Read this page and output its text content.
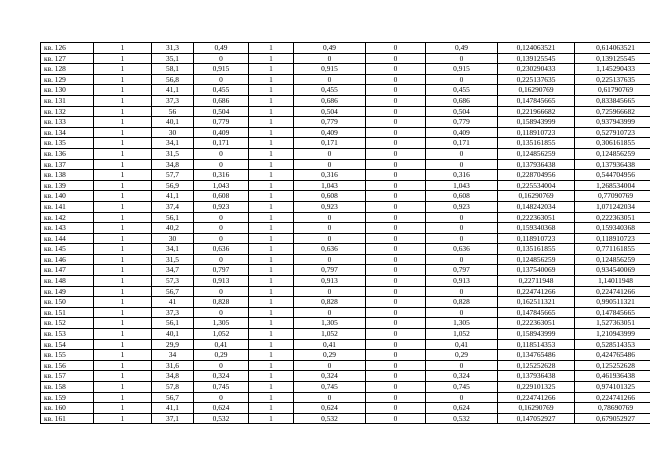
кв. 126	1	31,3	0,49	1	0,49	0	0,49	0,124063521	0,614063521
кв. 127	1	35,1	0	1	0	0	0	0,139125545	0,139125545
кв. 128	1	58,1	0,915	1	0,915	0	0,915	0,230290433	1,145290433
кв. 129	1	56,8	0	1	0	0	0	0,225137635	0,225137635
кв. 130	1	41,1	0,455	1	0,455	0	0,455	0,16290769	0,61790769
кв. 131	1	37,3	0,686	1	0,686	0	0,686	0,147845665	0,833845665
кв. 132	1	56	0,504	1	0,504	0	0,504	0,221966682	0,725966682
кв. 133	1	40,1	0,779	1	0,779	0	0,779	0,158943999	0,937943999
кв. 134	1	30	0,409	1	0,409	0	0,409	0,118910723	0,527910723
кв. 135	1	34,1	0,171	1	0,171	0	0,171	0,135161855	0,306161855
кв. 136	1	31,5	0	1	0	0	0	0,124856259	0,124856259
кв. 137	1	34,8	0	1	0	0	0	0,137936438	0,137936438
кв. 138	1	57,7	0,316	1	0,316	0	0,316	0,228704956	0,544704956
кв. 139	1	56,9	1,043	1	1,043	0	1,043	0,225534004	1,268534004
кв. 140	1	41,1	0,608	1	0,608	0	0,608	0,16290769	0,77090769
кв. 141	1	37,4	0,923	1	0,923	0	0,923	0,148242034	1,071242034
кв. 142	1	56,1	0	1	0	0	0	0,222363051	0,222363051
кв. 143	1	40,2	0	1	0	0	0	0,159340368	0,159340368
кв. 144	1	30	0	1	0	0	0	0,118910723	0,118910723
кв. 145	1	34,1	0,636	1	0,636	0	0,636	0,135161855	0,771161855
кв. 146	1	31,5	0	1	0	0	0	0,124856259	0,124856259
кв. 147	1	34,7	0,797	1	0,797	0	0,797	0,137540069	0,934540069
кв. 148	1	57,3	0,913	1	0,913	0	0,913	0,22711948	1,14011948
кв. 149	1	56,7	0	1	0	0	0	0,224741266	0,224741266
кв. 150	1	41	0,828	1	0,828	0	0,828	0,162511321	0,990511321
кв. 151	1	37,3	0	1	0	0	0	0,147845665	0,147845665
кв. 152	1	56,1	1,305	1	1,305	0	1,305	0,222363051	1,527363051
кв. 153	1	40,1	1,052	1	1,052	0	1,052	0,158943999	1,210943999
кв. 154	1	29,9	0,41	1	0,41	0	0,41	0,118514353	0,528514353
кв. 155	1	34	0,29	1	0,29	0	0,29	0,134765486	0,424765486
кв. 156	1	31,6	0	1	0	0	0	0,125252628	0,125252628
кв. 157	1	34,8	0,324	1	0,324	0	0,324	0,137936438	0,461936438
кв. 158	1	57,8	0,745	1	0,745	0	0,745	0,229101325	0,974101325
кв. 159	1	56,7	0	1	0	0	0	0,224741266	0,224741266
кв. 160	1	41,1	0,624	1	0,624	0	0,624	0,16290769	0,78690769
кв. 161	1	37,1	0,532	1	0,532	0	0,532	0,147052927	0,679052927
